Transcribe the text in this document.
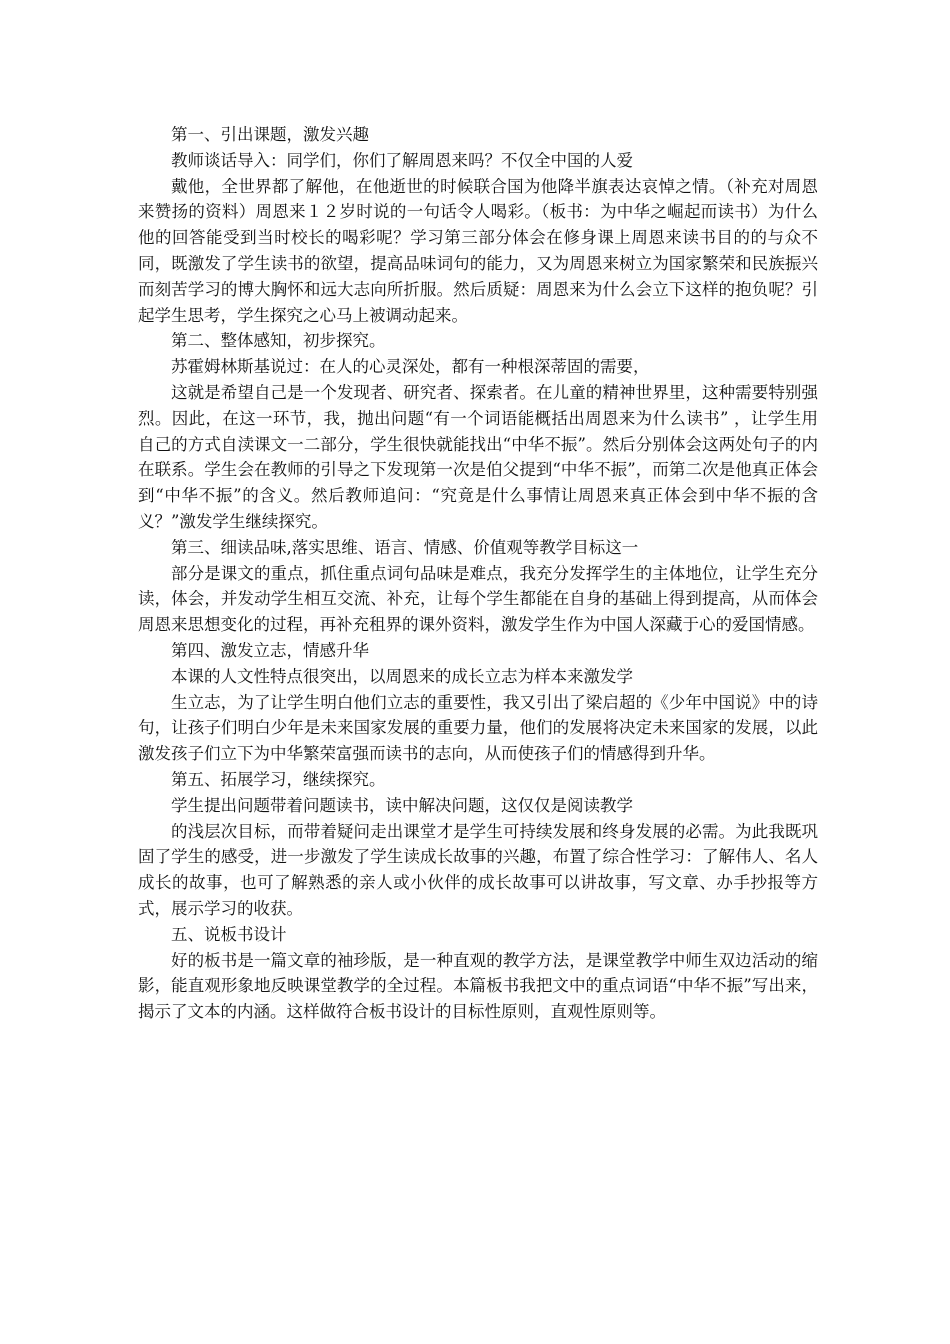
第一、引出课题，激发兴趣

教师谈话导入：同学们，你们了解周恩来吗？不仅全中国的人爱

戴他，全世界都了解他，在他逝世的时候联合国为他降半旗表达哀悼之情。（补充对周恩来赞扬的资料）周恩来１２岁时说的一句话令人喝彩。（板书：为中华之崛起而读书）为什么他的回答能受到当时校长的喝彩呢？学习第三部分体会在修身课上周恩来读书目的的与众不同，既激发了学生读书的欲望，提高品味词句的能力，又为周恩来树立为国家繁荣和民族振兴而刻苦学习的博大胸怀和远大志向所折服。然后质疑：周恩来为什么会立下这样的抱负呢？引起学生思考，学生探究之心马上被调动起来。

第二、整体感知，初步探究。

苏霍姆林斯基说过：在人的心灵深处，都有一种根深蒂固的需要，

这就是希望自己是一个发现者、研究者、探索者。在儿童的精神世界里，这种需要特别强烈。因此，在这一环节，我，抛出问题“有一个词语能概括出周恩来为什么读书” ，让学生用自己的方式自渎课文一二部分，学生很快就能找出“中华不振”。然后分别体会这两处句子的内在联系。学生会在教师的引导之下发现第一次是伯父提到“中华不振”，而第二次是他真正体会到“中华不振”的含义。然后教师追问：“究竟是什么事情让周恩来真正体会到中华不振的含义？”激发学生继续探究。

第三、细读品味,落实思维、语言、情感、价值观等教学目标这一

部分是课文的重点，抓住重点词句品味是难点，我充分发挥学生的主体地位，让学生充分读，体会，并发动学生相互交流、补充，让每个学生都能在自身的基础上得到提高，从而体会周恩来思想变化的过程，再补充租界的课外资料，激发学生作为中国人深藏于心的爱国情感。

第四、激发立志，情感升华

本课的人文性特点很突出，以周恩来的成长立志为样本来激发学

生立志，为了让学生明白他们立志的重要性，我又引出了梁启超的《少年中国说》中的诗句，让孩子们明白少年是未来国家发展的重要力量，他们的发展将决定未来国家的发展，以此激发孩子们立下为中华繁荣富强而读书的志向，从而使孩子们的情感得到升华。

第五、拓展学习，继续探究。

学生提出问题带着问题读书，读中解决问题，这仅仅是阅读教学

的浅层次目标，而带着疑问走出课堂才是学生可持续发展和终身发展的必需。为此我既巩固了学生的感受，进一步激发了学生读成长故事的兴趣，布置了综合性学习：了解伟人、名人成长的故事，也可了解熟悉的亲人或小伙伴的成长故事可以讲故事，写文章、办手抄报等方式，展示学习的收获。

五、说板书设计

好的板书是一篇文章的袖珍版，是一种直观的教学方法，是课堂教学中师生双边活动的缩影，能直观形象地反映课堂教学的全过程。本篇板书我把文中的重点词语“中华不振”写出来，揭示了文本的内涵。这样做符合板书设计的目标性原则，直观性原则等。
